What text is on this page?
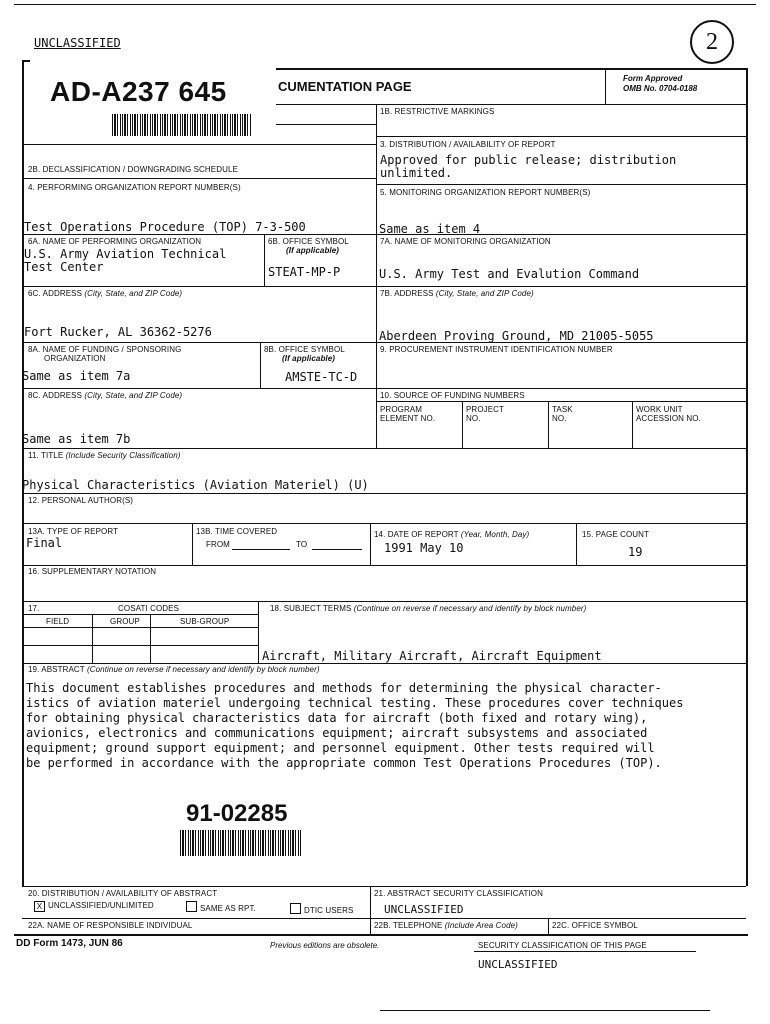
UNCLASSIFIED	2
AD-A237 645	CUMENTATION PAGE
Form Approved
OMB No. 0704-0188
1B. RESTRICTIVE MARKINGS
3. DISTRIBUTION / AVAILABILITY OF REPORT
Approved for public release; distribution
unlimited.
2B. DECLASSIFICATION / DOWNGRADING SCHEDULE
4. PERFORMING ORGANIZATION REPORT NUMBER(S)
5. MONITORING ORGANIZATION REPORT NUMBER(S)
Test Operations Procedure (TOP) 7-3-500	Same as item 4
6A. NAME OF PERFORMING ORGANIZATION
U.S. Army Aviation Technical
Test Center
6B. OFFICE SYMBOL
(If applicable)
STEAT-MP-P
7A. NAME OF MONITORING ORGANIZATION
U.S. Army Test and Evalution Command
6C. ADDRESS (City, State, and ZIP Code)	7B. ADDRESS (City, State, and ZIP Code)
Fort Rucker, AL 36362-5276	Aberdeen Proving Ground, MD 21005-5055
8A. NAME OF FUNDING / SPONSORING
ORGANIZATION
Same as item 7a
8B. OFFICE SYMBOL
(If applicable)
AMSTE-TC-D
9. PROCUREMENT INSTRUMENT IDENTIFICATION NUMBER
8C. ADDRESS (City, State, and ZIP Code)	10. SOURCE OF FUNDING NUMBERS
PROGRAM
ELEMENT NO.
PROJECT
NO.
TASK
NO.
WORK UNIT
ACCESSION NO.
Same as item 7b
11. TITLE (Include Security Classification)
Physical Characteristics (Aviation Materiel) (U)
12. PERSONAL AUTHOR(S)
13A. TYPE OF REPORT
Final
13B. TIME COVERED
FROM	TO
14. DATE OF REPORT (Year, Month, Day)
1991 May 10
15. PAGE COUNT
19
16. SUPPLEMENTARY NOTATION
17.	COSATI CODES
FIELD	GROUP	SUB-GROUP
18. SUBJECT TERMS (Continue on reverse if necessary and identify by block number)
Aircraft, Military Aircraft, Aircraft Equipment
19. ABSTRACT (Continue on reverse if necessary and identify by block number)
This document establishes procedures and methods for determining the physical character-
istics of aviation materiel undergoing technical testing. These procedures cover techniques
for obtaining physical characteristics data for aircraft (both fixed and rotary wing),
avionics, electronics and communications equipment; aircraft subsystems and associated
equipment; ground support equipment; and personnel equipment. Other tests required will
be performed in accordance with the appropriate common Test Operations Procedures (TOP).
91-02285
20. DISTRIBUTION / AVAILABILITY OF ABSTRACT
X UNCLASSIFIED/UNLIMITED	SAME AS RPT.	DTIC USERS
21. ABSTRACT SECURITY CLASSIFICATION
UNCLASSIFIED
22A. NAME OF RESPONSIBLE INDIVIDUAL	22B. TELEPHONE (Include Area Code)	22C. OFFICE SYMBOL
DD Form 1473, JUN 86	Previous editions are obsolete.	SECURITY CLASSIFICATION OF THIS PAGE
UNCLASSIFIED
